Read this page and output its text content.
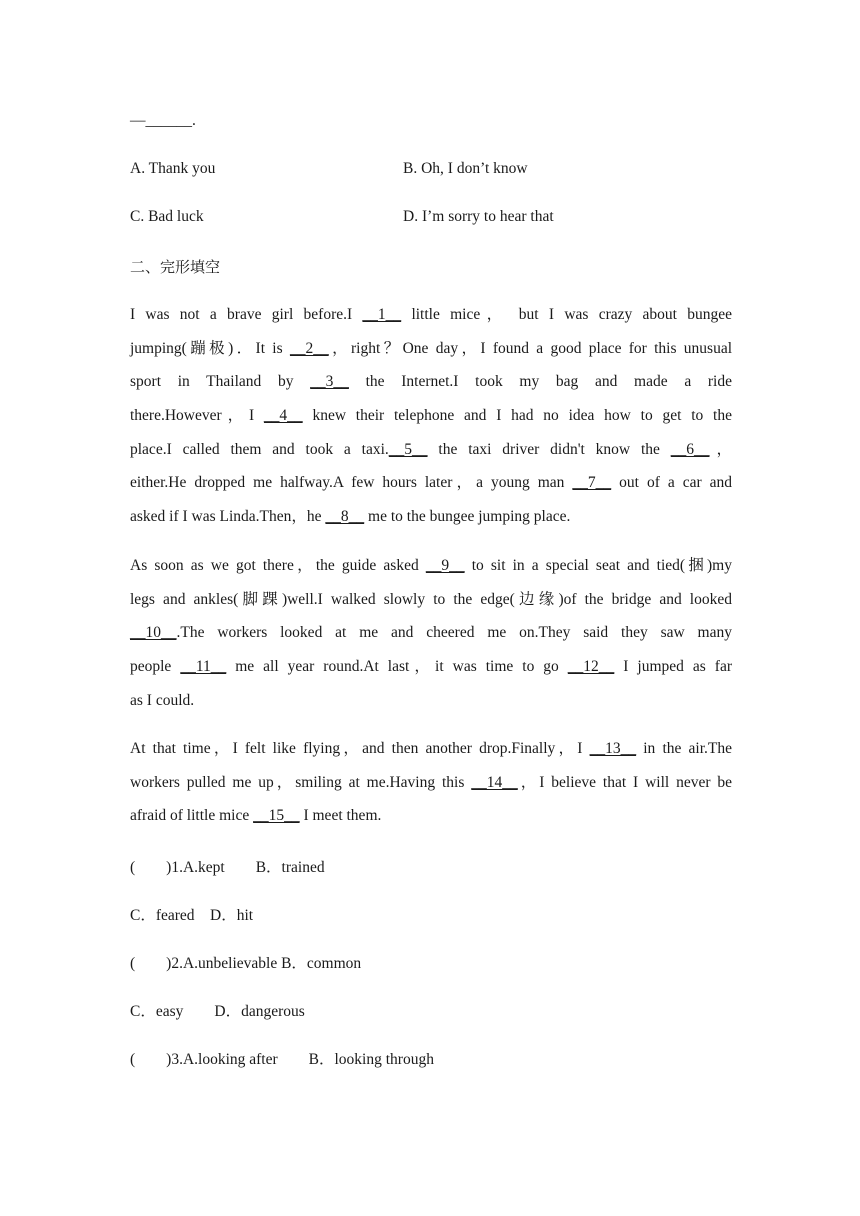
—______.
A. Thank you	B. Oh, I don’t know
C. Bad luck	D. I’m sorry to hear that
二、完形填空
I was not a brave girl before.I __1__ little mice， but I was crazy about bungee
jumping(蹦极)．It is __2__，right？One day，I found a good place for this unusual
sport in Thailand by __3__ the Internet.I took my bag and made a ride
there.However，I __4__ knew their telephone and I had no idea how to get to the
place.I called them and took a taxi.__5__ the taxi driver didn't know the __6__，
either.He dropped me halfway.A few hours later，a young man __7__ out of a car and
asked if I was Linda.Then，he __8__ me to the bungee jumping place.
As soon as we got there，the guide asked __9__ to sit in a special seat and tied(捆)my
legs and ankles(脚踝)well.I walked slowly to the edge(边缘)of the bridge and looked
__10__.The workers looked at me and cheered me on.They said they saw many
people __11__ me all year round.At last，it was time to go __12__ I jumped as far
as I could.
At that time，I felt like flying，and then another drop.Finally，I __13__ in the air.The
workers pulled me up，smiling at me.Having this __14__，I believe that I will never be
afraid of little mice __15__ I meet them.
(　　)1.A.kept　　B．trained
C．feared　D．hit
(　　)2.A.unbelievable B．common
C．easy　　D．dangerous
(　　)3.A.looking after　　B．looking through
